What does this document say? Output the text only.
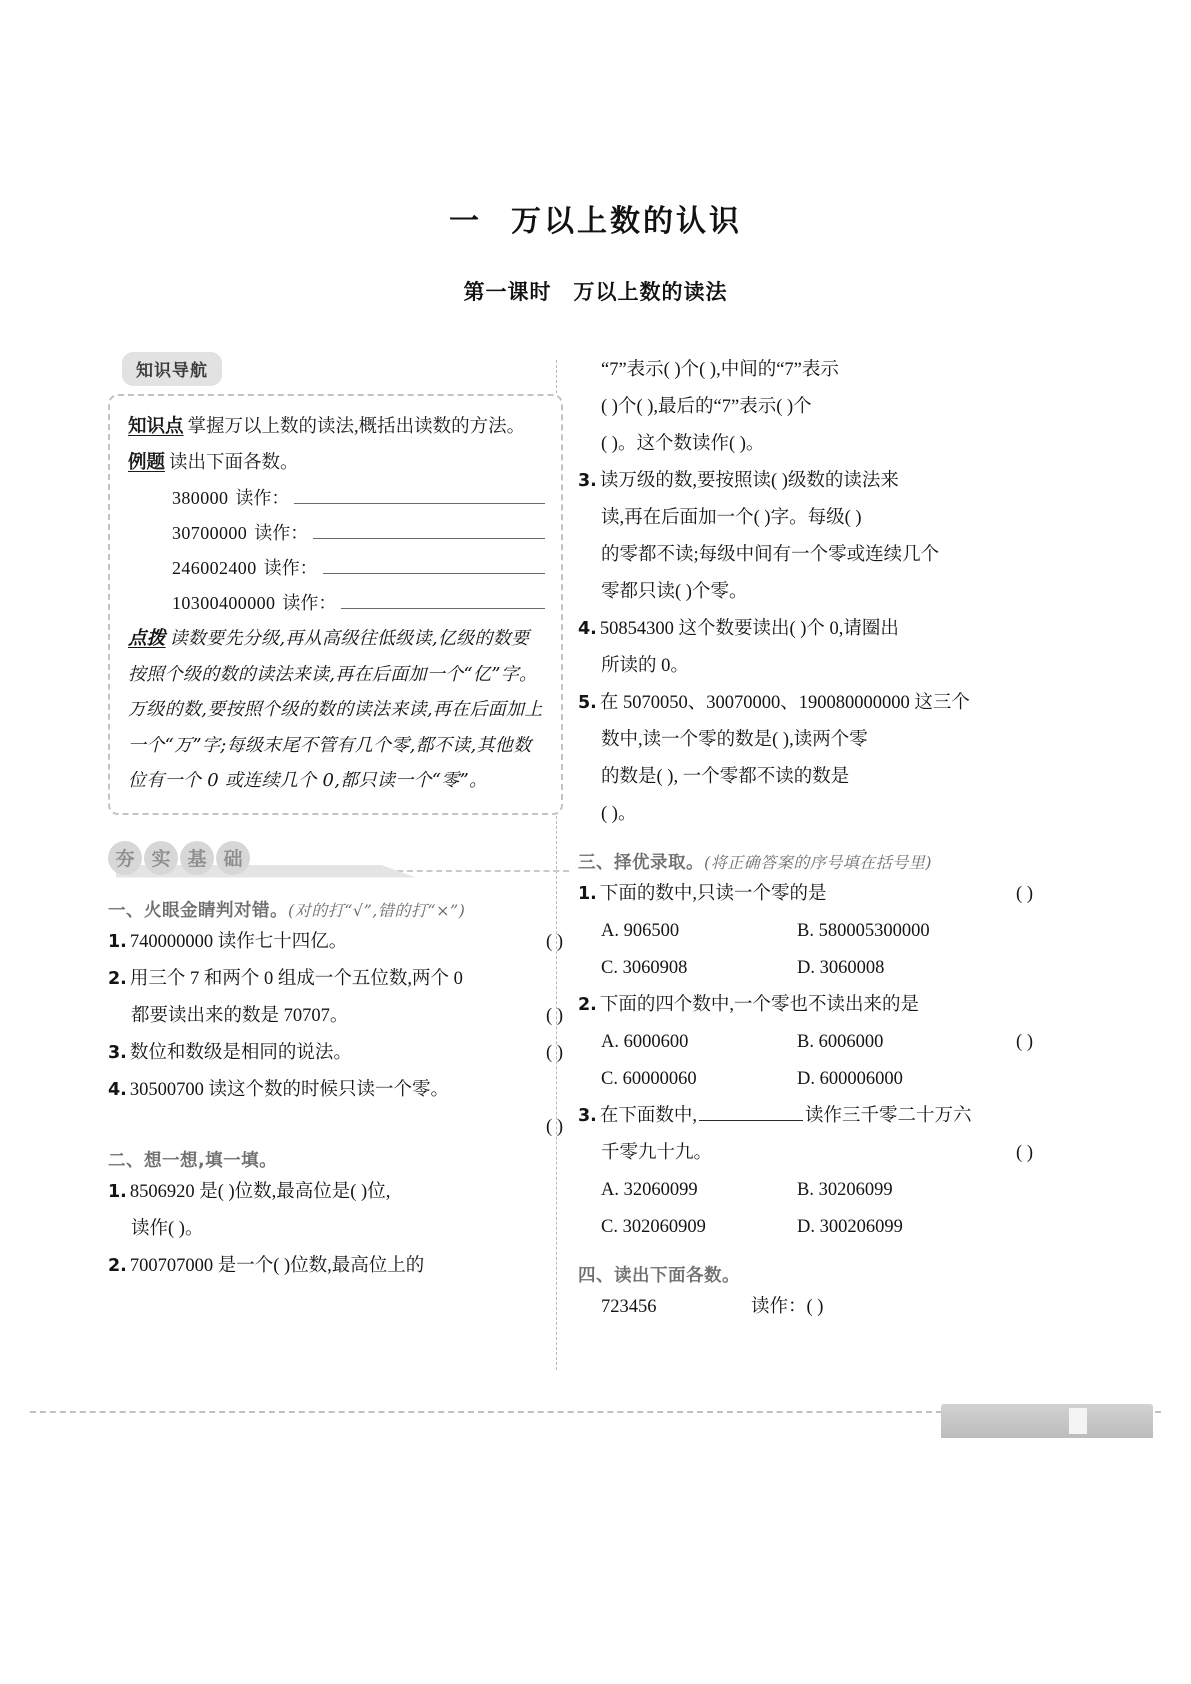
一 万以上数的认识
第一课时 万以上数的读法
知识导航
知识点 掌握万以上数的读法,概括出读数的方法。
例题 读出下面各数。
380000 读作：
30700000 读作：
246002400 读作：
10300400000 读作：
点拨 读数要先分级,再从高级往低级读,亿级的数要按照个级的数的读法来读,再在后面加一个“亿”字。万级的数,要按照个级的数的读法来读,再在后面加上一个“万”字;每级末尾不管有几个零,都不读,其他数位有一个 0 或连续几个 0,都只读一个“零”。
夯 实 基 础
一、火眼金睛判对错。(对的打“√”,错的打“×”)
1. 740000000 读作七十四亿。	( )
2. 用三个 7 和两个 0 组成一个五位数,两个 0
都要读出来的数是 70707。	( )
3. 数位和数级是相同的说法。	( )
4. 30500700 读这个数的时候只读一个零。
( )
二、想一想,填一填。
1. 8506920 是( )位数,最高位是( )位,
读作( )。
2. 700707000 是一个( )位数,最高位上的
“7”表示( )个( ),中间的“7”表示
( )个( ),最后的“7”表示( )个
( )。这个数读作( )。
3. 读万级的数,要按照读( )级数的读法来
读,再在后面加一个( )字。每级( )
的零都不读;每级中间有一个零或连续几个
零都只读( )个零。
4. 50854300 这个数要读出( )个 0,请圈出
所读的 0。
5. 在 5070050、30070000、190080000000 这三个
数中,读一个零的数是( ),读两个零
的数是( ), 一个零都不读的数是
( )。
三、择优录取。(将正确答案的序号填在括号里)
1. 下面的数中,只读一个零的是	( )
A. 906500	B. 580005300000
C. 3060908	D. 3060008
2. 下面的四个数中,一个零也不读出来的是
( )
A. 6000600	B. 6006000
C. 60000060	D. 600006000
3. 在下面数中,	读作三千零二十万六
千零九十九。	( )
A. 32060099	B. 30206099
C. 302060909	D. 300206099
四、读出下面各数。
723456	读作：( )
